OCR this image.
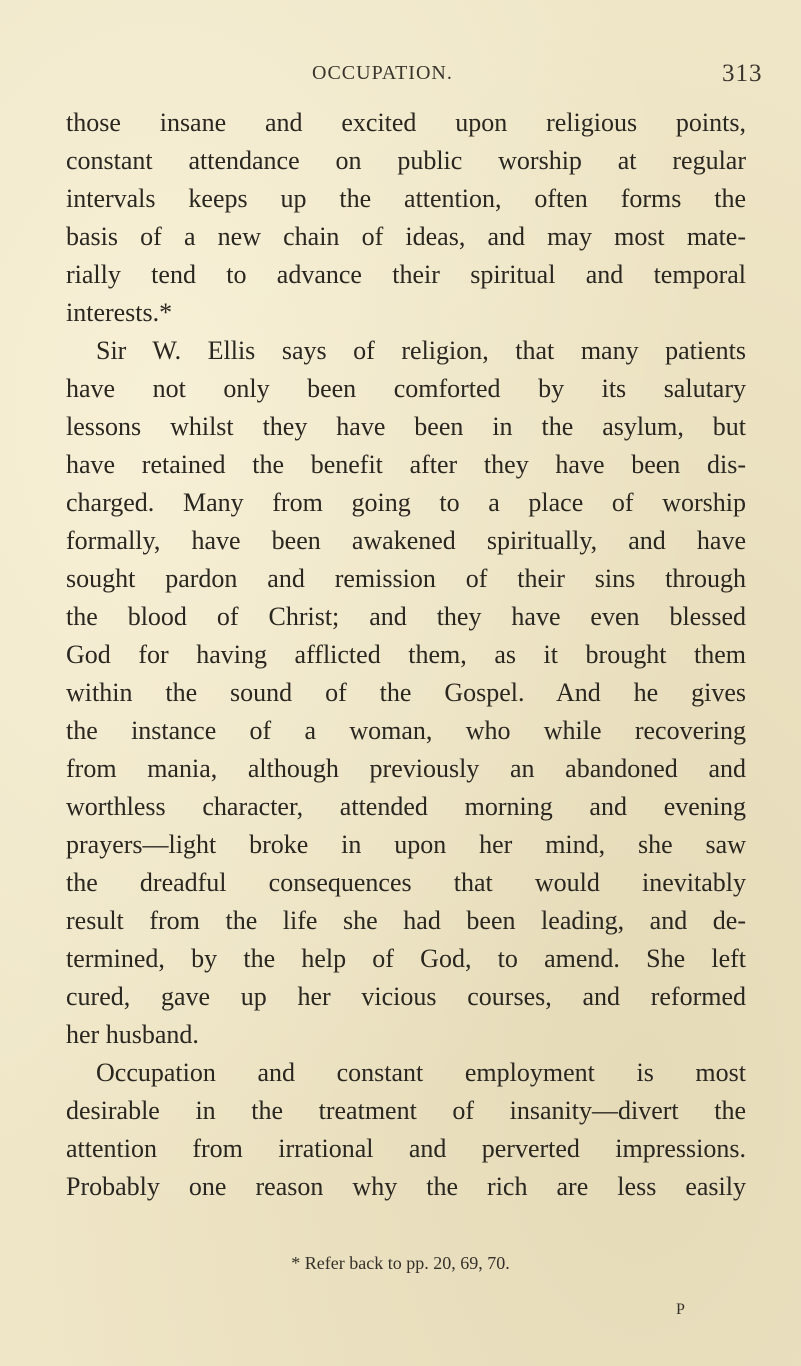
OCCUPATION.	313
those insane and excited upon religious points,
constant attendance on public worship at regular
intervals keeps up the attention, often forms the
basis of a new chain of ideas, and may most mate-
rially tend to advance their spiritual and temporal
interests.*
Sir W. Ellis says of religion, that many patients
have not only been comforted by its salutary
lessons whilst they have been in the asylum, but
have retained the benefit after they have been dis-
charged. Many from going to a place of worship
formally, have been awakened spiritually, and have
sought pardon and remission of their sins through
the blood of Christ; and they have even blessed
God for having afflicted them, as it brought them
within the sound of the Gospel. And he gives
the instance of a woman, who while recovering
from mania, although previously an abandoned and
worthless character, attended morning and evening
prayers—light broke in upon her mind, she saw
the dreadful consequences that would inevitably
result from the life she had been leading, and de-
termined, by the help of God, to amend. She left
cured, gave up her vicious courses, and reformed
her husband.
Occupation and constant employment is most
desirable in the treatment of insanity—divert the
attention from irrational and perverted impressions.
Probably one reason why the rich are less easily
* Refer back to pp. 20, 69, 70.
P
